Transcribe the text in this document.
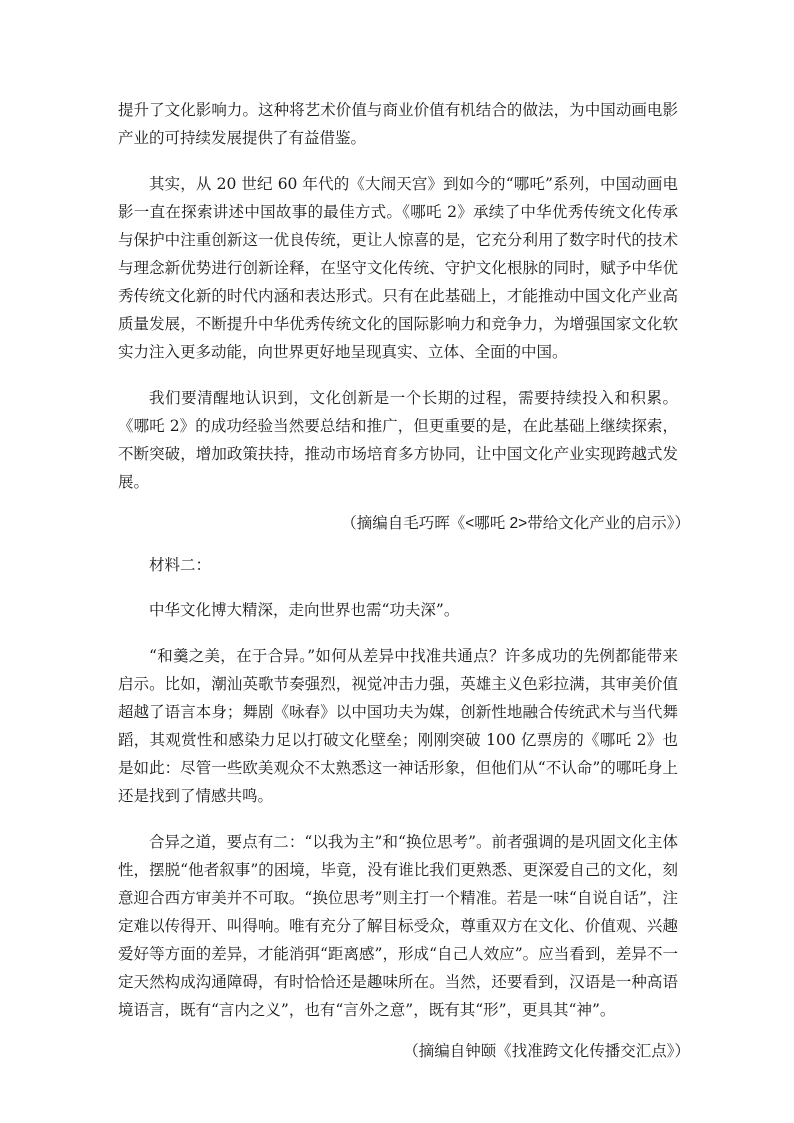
提升了文化影响力。这种将艺术价值与商业价值有机结合的做法，为中国动画电影产业的可持续发展提供了有益借鉴。

其实，从 20 世纪 60 年代的《大闹天宫》到如今的“哪吒”系列，中国动画电影一直在探索讲述中国故事的最佳方式。《哪吒 2》承续了中华优秀传统文化传承与保护中注重创新这一优良传统，更让人惊喜的是，它充分利用了数字时代的技术与理念新优势进行创新诠释，在坚守文化传统、守护文化根脉的同时，赋予中华优秀传统文化新的时代内涵和表达形式。只有在此基础上，才能推动中国文化产业高质量发展，不断提升中华优秀传统文化的国际影响力和竞争力，为增强国家文化软实力注入更多动能，向世界更好地呈现真实、立体、全面的中国。

我们要清醒地认识到，文化创新是一个长期的过程，需要持续投入和积累。《哪吒 2》的成功经验当然要总结和推广，但更重要的是，在此基础上继续探索，不断突破，增加政策扶持，推动市场培育多方协同，让中国文化产业实现跨越式发展。

（摘编自毛巧晖《<哪吒 2>带给文化产业的启示》）

材料二：

中华文化博大精深，走向世界也需“功夫深”。

“和羹之美，在于合异。”如何从差异中找准共通点？许多成功的先例都能带来启示。比如，潮汕英歌节奏强烈，视觉冲击力强，英雄主义色彩拉满，其审美价值超越了语言本身；舞剧《咏春》以中国功夫为媒，创新性地融合传统武术与当代舞蹈，其观赏性和感染力足以打破文化壁垒；刚刚突破 100 亿票房的《哪吒 2》也是如此：尽管一些欧美观众不太熟悉这一神话形象，但他们从“不认命”的哪吒身上还是找到了情感共鸣。

合异之道，要点有二：“以我为主”和“换位思考”。前者强调的是巩固文化主体性，摆脱“他者叙事”的困境，毕竟，没有谁比我们更熟悉、更深爱自己的文化，刻意迎合西方审美并不可取。“换位思考”则主打一个精准。若是一味“自说自话”，注定难以传得开、叫得响。唯有充分了解目标受众，尊重双方在文化、价值观、兴趣爱好等方面的差异，才能消弭“距离感”，形成“自己人效应”。应当看到，差异不一定天然构成沟通障碍，有时恰恰还是趣味所在。当然，还要看到，汉语是一种高语境语言，既有“言内之义”，也有“言外之意”，既有其“形”，更具其“神”。

（摘编自钟颐《找准跨文化传播交汇点》）
